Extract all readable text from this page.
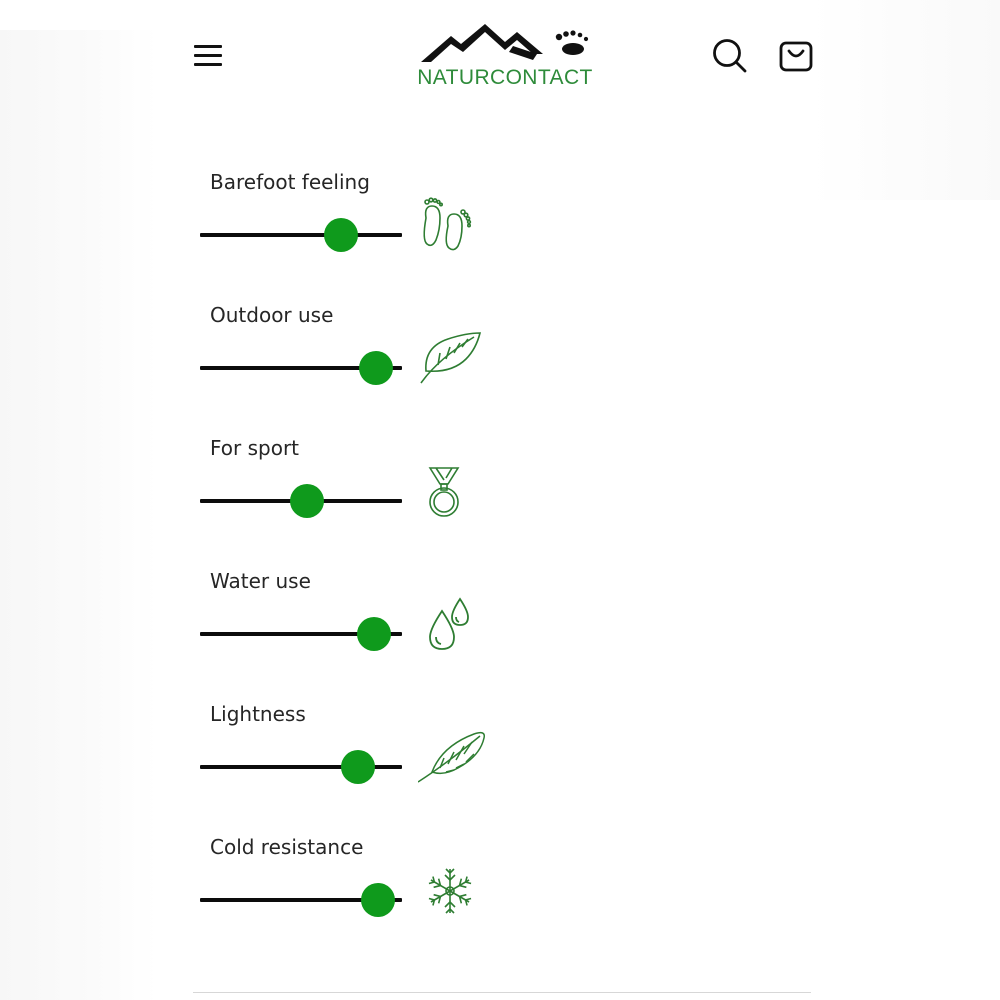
NATURCONTACT
Barefoot feeling
Outdoor use
For sport
Water use
Lightness
Cold resistance
